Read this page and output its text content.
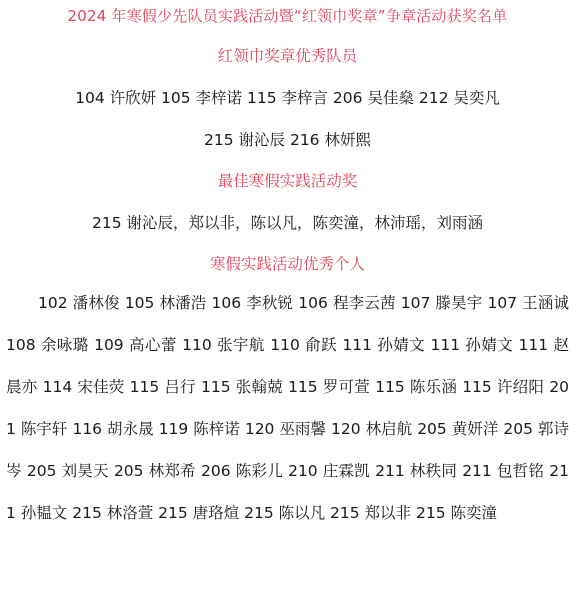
2024 年寒假少先队员实践活动暨“红领巾奖章”争章活动获奖名单
红领巾奖章优秀队员
104 许欣妍 105 李梓诺 115 李梓言 206 吴佳燊 212 吴奕凡
215 谢沁辰 216 林妍熙
最佳寒假实践活动奖
215 谢沁辰，郑以非，陈以凡，陈奕潼，林沛瑶，刘雨涵
寒假实践活动优秀个人
102 潘林俊 105 林潘浩 106 李秋锐 106 程李云茜 107 滕昊宇 107 王涵诚 108 余咏璐 109 高心蕾 110 张宇航 110 俞跃 111 孙婧文 111 孙婧文 111 赵晨亦 114 宋佳荧 115 吕行 115 张翰兢 115 罗可萱 115 陈乐涵 115 许绍阳 201 陈宇轩 116 胡永晟 119 陈梓诺 120 巫雨馨 120 林启航 205 黄妍洋 205 郭诗岑 205 刘昊天 205 林郑希 206 陈彩儿 210 庄霖凯 211 林秩同 211 包哲铭 211 孙韫文 215 林洛萱 215 唐珞煊 215 陈以凡 215 郑以非 215 陈奕潼
